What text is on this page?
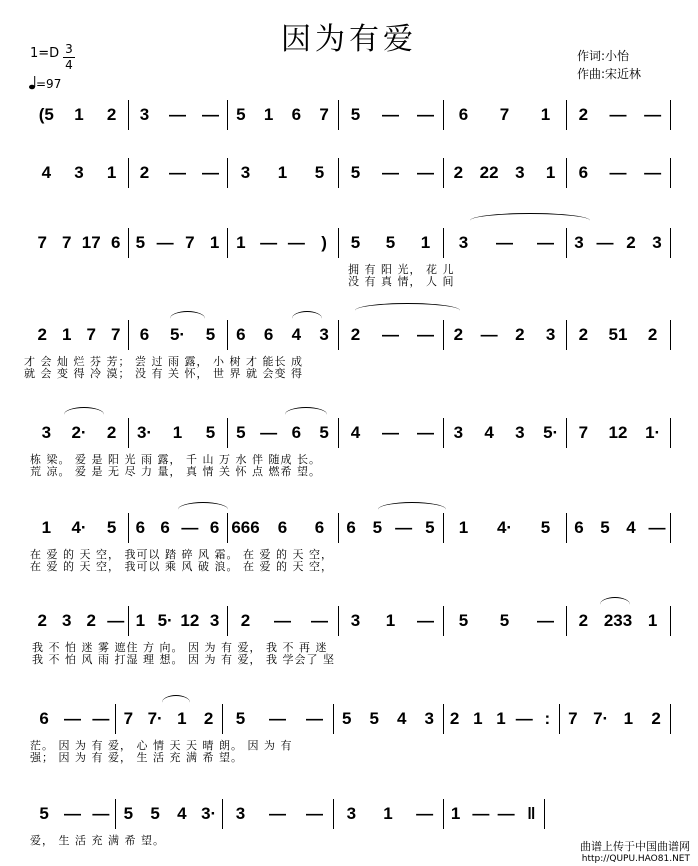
因为有爱
$1=D \frac{3}{4}$
=97
作词:小怡
作曲:宋近林
(5 1 2 3 — — 5 1 6 7 5 — — 6 7 1 2 — —
4 3 1 2 — — 3 1 5 5 — — 2 22 3 1 6 — —
7 7 17 6 5 — 7 1 1 — — ) 5 5 1 3 — — 3 — 2 3
拥 有 阳 光， 花 儿
没 有 真 情， 人 间
2 1 7 7 6 5· 5 6 6 4 3 2 — — 2 — 2 3 2 51 2
才 会 灿 烂 芬 芳； 尝 过 雨 露， 小 树 才 能长 成
就 会 变 得 冷 漠； 没 有 关 怀， 世 界 就 会变 得
3 2· 2 3· 1 5 5 — 6 5 4 — — 3 4 3 5· 7 12 1·
栋 梁。 爱 是 阳 光 雨 露， 千 山 万 水 伴 随成 长。
荒 凉。 爱 是 无 尽 力 量， 真 情 关 怀 点 燃希 望。
1 4· 5 6 6 — 6 666 6 6 6 5 — 5 1 4· 5 6 5 4 —
在 爱 的 天 空， 我可以 踏 碎 风 霜。 在 爱 的 天 空，
在 爱 的 天 空， 我可以 乘 风 破 浪。 在 爱 的 天 空，
2 3 2 — 1 5· 12 3 2 — — 3 1 — 5 5 — 2 233 1
我 不 怕 迷 雾 遮住 方 向。 因 为 有 爱， 我 不 再 迷
我 不 怕 风 雨 打湿 理 想。 因 为 有 爱， 我 学会了 坚
6 — — 7 7· 1 2 5 — — 5 5 4 3 2 1 1 — : 7 7· 1 2
茫。 因 为 有 爱， 心 情 天 天 晴 朗。 因 为 有
强； 因 为 有 爱， 生 活 充 满 希 望。
5 — — 5 5 4 3· 3 — — 3 1 — 1 — — ‖
爱， 生 活 充 满 希 望。	曲谱上传于中国曲谱网
http://QUPU.HAO81.NET
